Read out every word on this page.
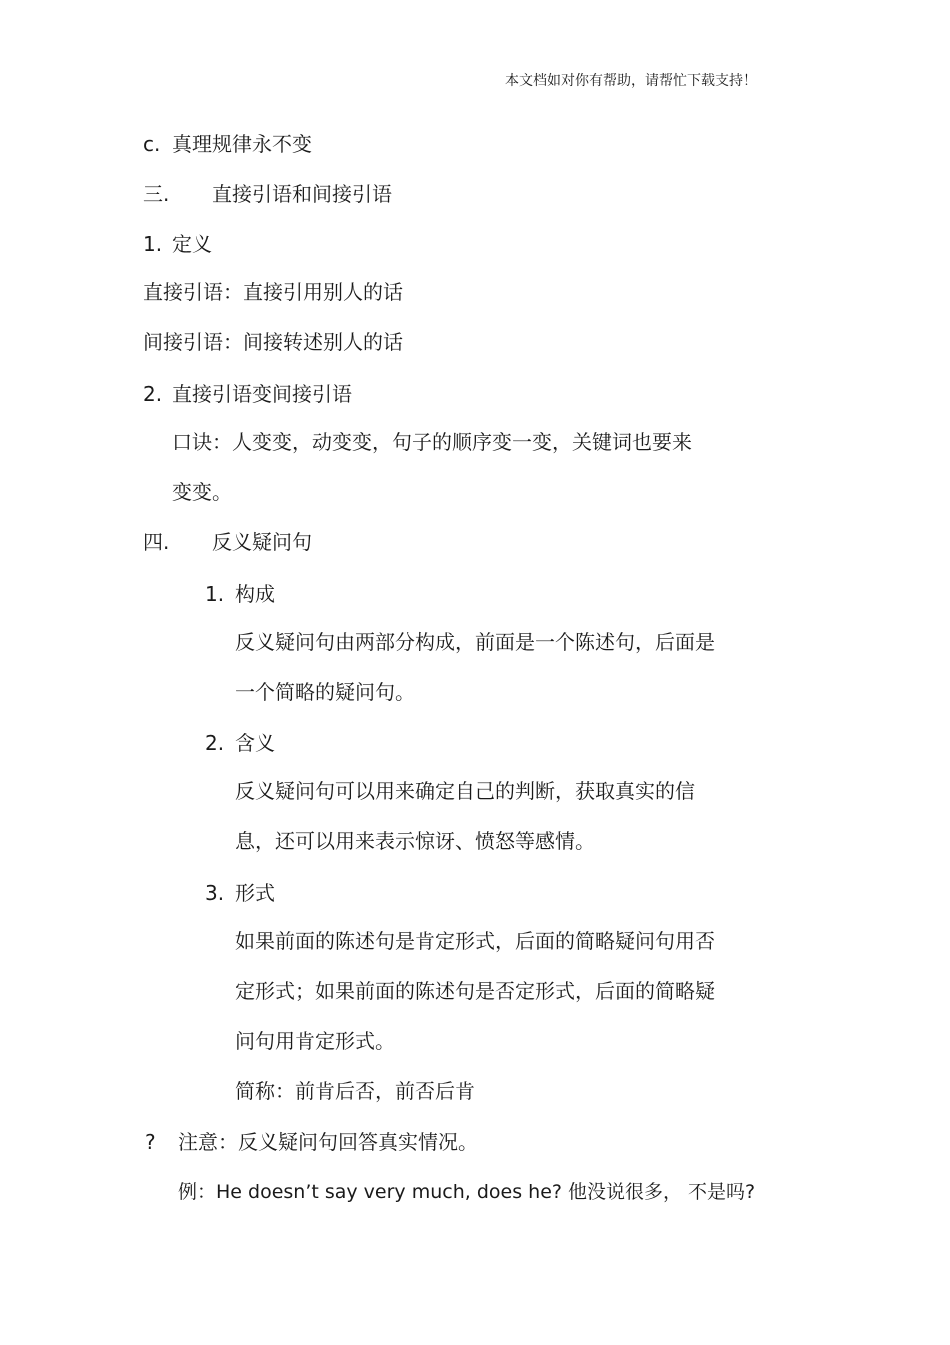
本文档如对你有帮助，请帮忙下载支持！
c. 真理规律永不变
三. 直接引语和间接引语
1. 定义
直接引语：直接引用别人的话
间接引语：间接转述别人的话
2. 直接引语变间接引语
口诀：人变变，动变变，句子的顺序变一变，关键词也要来
变变。
四. 反义疑问句
1. 构成
反义疑问句由两部分构成，前面是一个陈述句，后面是
一个简略的疑问句。
2. 含义
反义疑问句可以用来确定自己的判断，获取真实的信
息，还可以用来表示惊讶、愤怒等感情。
3. 形式
如果前面的陈述句是肯定形式，后面的简略疑问句用否
定形式；如果前面的陈述句是否定形式，后面的简略疑
问句用肯定形式。
简称：前肯后否，前否后肯
? 注意：反义疑问句回答真实情况。
例：He doesn’t say very much, does he? 他没说很多， 不是吗?
